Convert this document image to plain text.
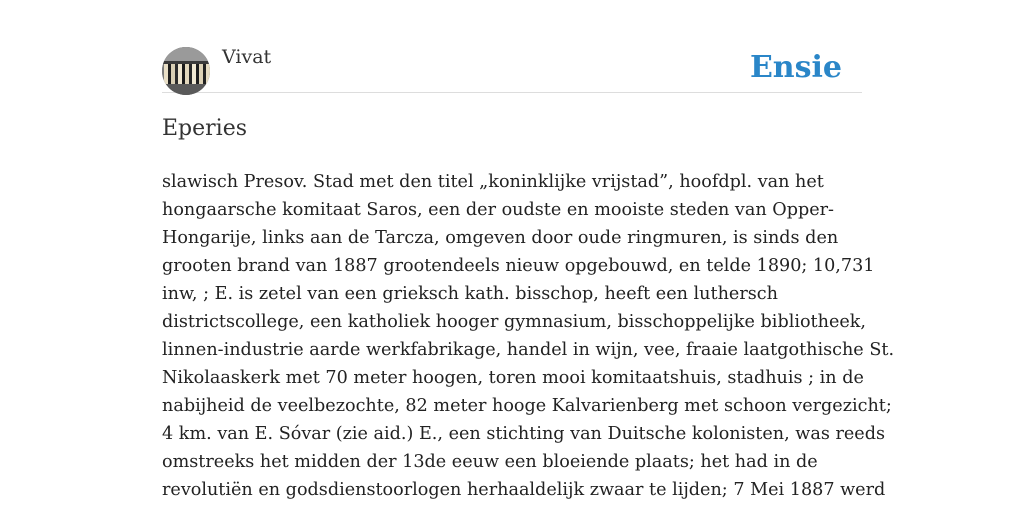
Vivat	Ensie
Eperies
slawisch Presov. Stad met den titel „koninklijke vrijstad”, hoofdpl. van het
hongaarsche komitaat Saros, een der oudste en mooiste steden van Opper-
Hongarije, links aan de Tarcza, omgeven door oude ringmuren, is sinds den
grooten brand van 1887 grootendeels nieuw opgebouwd, en telde 1890; 10,731
inw, ; E. is zetel van een grieksch kath. bisschop, heeft een luthersch
districtscollege, een katholiek hooger gymnasium, bisschoppelijke bibliotheek,
linnen-industrie aarde werkfabrikage, handel in wijn, vee, fraaie laatgothische St.
Nikolaaskerk met 70 meter hoogen, toren mooi komitaatshuis, stadhuis ; in de
nabijheid de veelbezochte, 82 meter hooge Kalvarienberg met schoon vergezicht;
4 km. van E. Sóvar (zie aid.) E., een stichting van Duitsche kolonisten, was reeds
omstreeks het midden der 13de eeuw een bloeiende plaats; het had in de
revolutiën en godsdienstoorlogen herhaaldelijk zwaar te lijden; 7 Mei 1887 werd
